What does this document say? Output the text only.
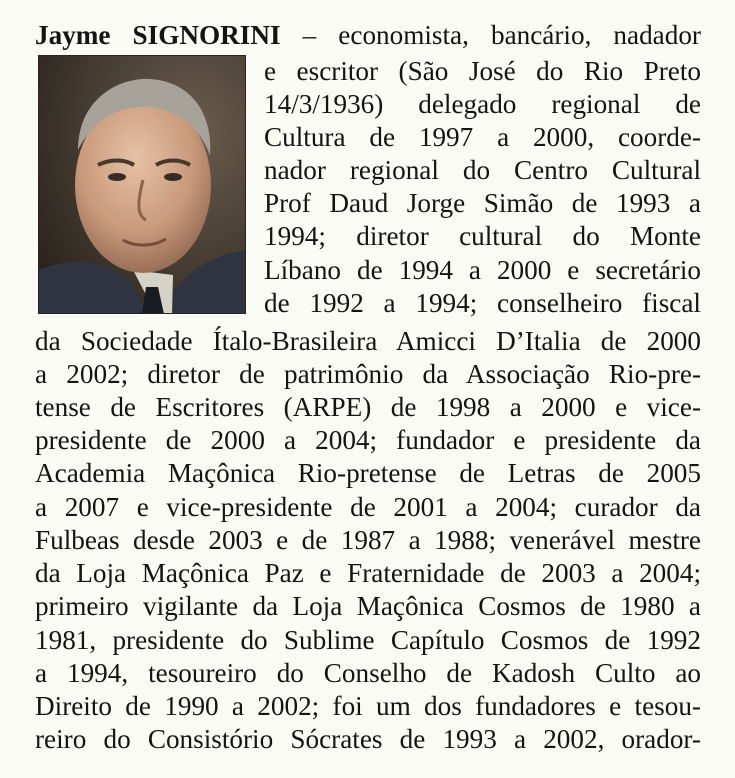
Jayme SIGNORINI – economista, bancário, nadador
e escritor (São José do Rio Preto
14/3/1936) delegado regional de
Cultura de 1997 a 2000, coorde-
nador regional do Centro Cultural
Prof Daud Jorge Simão de 1993 a
1994; diretor cultural do Monte
Líbano de 1994 a 2000 e secretário
de 1992 a 1994; conselheiro fiscal
da Sociedade Ítalo-Brasileira Amicci D’Italia de 2000
a 2002; diretor de patrimônio da Associação Rio-pre-
tense de Escritores (ARPE) de 1998 a 2000 e vice-
presidente de 2000 a 2004; fundador e presidente da
Academia Maçônica Rio-pretense de Letras de 2005
a 2007 e vice-presidente de 2001 a 2004; curador da
Fulbeas desde 2003 e de 1987 a 1988; venerável mestre
da Loja Maçônica Paz e Fraternidade de 2003 a 2004;
primeiro vigilante da Loja Maçônica Cosmos de 1980 a
1981, presidente do Sublime Capítulo Cosmos de 1992
a 1994, tesoureiro do Conselho de Kadosh Culto ao
Direito de 1990 a 2002; foi um dos fundadores e tesou-
reiro do Consistório Sócrates de 1993 a 2002, orador-
